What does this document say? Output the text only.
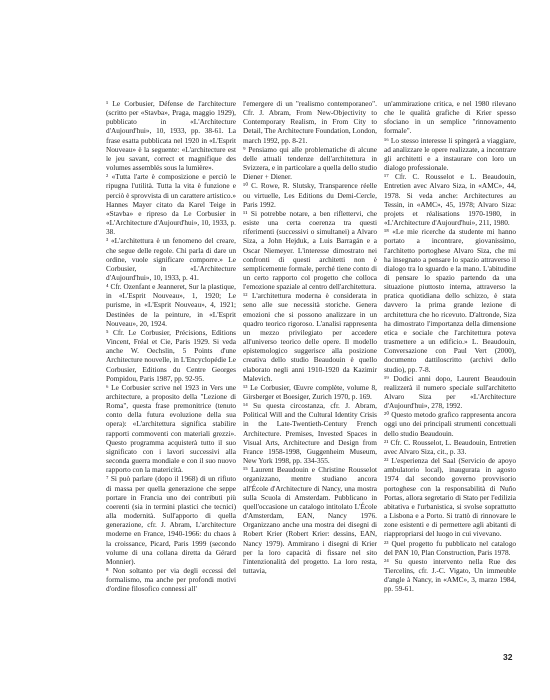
¹ Le Corbusier, Défense de l'architecture (scritto per «Stavba», Praga, maggio 1929), pubblicato in «L'Architecture d'Aujourd'hui», 10, 1933, pp. 38-61. La frase esatta pubblicata nel 1920 in «L'Esprit Nouveau» è la seguente: «L'architecture est le jeu savant, correct et magnifique des volumes assemblés sous la lumière».

² «Tutta l'arte è composizione e perciò le ripugna l'utilità. Tutta la vita è funzione e perciò è sprovvista di un carattere artistico.» Hannes Mayer citato da Karel Teige in «Stavba» e ripreso da Le Corbusier in «L'Architecture d'Aujourd'hui», 10, 1933, p. 38.

³ «L'architettura è un fenomeno del creare, che segue delle regole. Chi parla di dare un ordine, vuole significare comporre.» Le Corbusier, in «L'Architecture d'Aujourd'hui», 10, 1933, p. 41.

⁴ Cfr. Ozenfant e Jeanneret, Sur la plastique, in «L'Esprit Nouveau», 1, 1920; Le purisme, in «L'Esprit Nouveau», 4, 1921; Destinées de la peinture, in «L'Esprit Nouveau», 20, 1924.

⁵ Cfr. Le Corbusier, Précisions, Editions Vincent, Fréal et Cie, Paris 1929. Si veda anche W. Oechslin, 5 Points d'une Architecture nouvelle, in L'Encyclopédie Le Corbusier, Editions du Centre Georges Pompidou, Paris 1987, pp. 92-95.

⁶ Le Corbusier scrive nel 1923 in Vers une architecture, a proposito della "Lezione di Roma", questa frase premonitrice (tenuto conto della futura evoluzione della sua opera): «L'architettura significa stabilire rapporti commoventi con materiali grezzi». Questo programma acquisterà tutto il suo significato con i lavori successivi alla seconda guerra mondiale e con il suo nuovo rapporto con la matericità.

⁷ Si può parlare (dopo il 1968) di un rifiuto di massa per quella generazione che seppe portare in Francia uno dei contributi più coerenti (sia in termini plastici che tecnici) alla modernità. Sull'apporto di quella generazione, cfr. J. Abram, L'architecture moderne en France, 1940-1966: du chaos à la croissance, Picard, Paris 1999 (secondo volume di una collana diretta da Gérard Monnier).

⁸ Non soltanto per via degli eccessi del formalismo, ma anche per profondi motivi d'ordine filosofico connessi all'

l'emergere di un "realismo contemporaneo". Cfr. J. Abram, From New-Objectivity to Contemporary Realism, in From City to Detail, The Architecture Foundation, London, march 1992, pp. 8-21.

⁹ Pensiamo qui alle problematiche di alcune delle attuali tendenze dell'architettura in Svizzera, e in particolare a quella dello studio Diener + Diener.

¹⁰ C. Rowe, R. Slutsky, Transparence réelle ou virtuelle, Les Editions du Demi-Cercle, Paris 1992.

¹¹ Si potrebbe notare, a ben riflettervi, che esiste una certa coerenza tra questi riferimenti (successivi o simultanei) a Alvaro Siza, a John Hejduk, a Luis Barragán e a Oscar Niemeyer. L'interesse dimostrato nei confronti di questi architetti non è semplicemente formale, perché tiene conto di un certo rapporto col progetto che colloca l'emozione spaziale al centro dell'architettura.

¹² L'architettura moderna è considerata in seno alle sue necessità storiche. Genera emozioni che si possono analizzare in un quadro teorico rigoroso. L'analisi rappresenta un mezzo privilegiato per accedere all'universo teorico delle opere. Il modello epistemologico suggerisce alla posizione creativa dello studio Beaudouin è quello elaborato negli anni 1910-1920 da Kazimir Malevich.

¹³ Le Corbusier, Œuvre complète, volume 8, Girsberger et Boesiger, Zurich 1970, p. 169.

¹⁴ Su questa circostanza, cfr. J. Abram, Political Will and the Cultural Identity Crisis in the Late-Twentieth-Century French Architecture. Premises, Invested Spaces in Visual Arts, Architecture and Design from France 1958-1998, Guggenheim Museum, New York 1998, pp. 334-355.

¹⁵ Laurent Beaudouin e Christine Rousselot organizzano, mentre studiano ancora all'École d'Architecture di Nancy, una mostra sulla Scuola di Amsterdam. Pubblicano in quell'occasione un catalogo intitolato L'École d'Amsterdam, EAN, Nancy 1976. Organizzano anche una mostra dei disegni di Robert Krier (Robert Krier: dessins, EAN, Nancy 1979). Ammirano i disegni di Krier per la loro capacità di fissare nel sito l'intenzionalità del progetto. La loro resta, tuttavia,

un'ammirazione critica, e nel 1980 rilevano che le qualità grafiche di Krier spesso sfociano in un semplice "rinnovamento formale".

¹⁶ Lo stesso interesse li spingerà a viaggiare, ad analizzare le opere realizzate, a incontrare gli architetti e a instaurare con loro un dialogo professionale.

¹⁷ Cfr. C. Rousselot e L. Beaudouin, Entretien avec Alvaro Siza, in «AMC», 44, 1978. Si veda anche: Architectures au Tessin, in «AMC», 45, 1978; Alvaro Siza: projets et réalisations 1970-1980, in «L'Architecture d'Aujourd'hui», 211, 1980.

¹⁸ «Le mie ricerche da studente mi hanno portato a incontrare, giovanissimo, l'architetto portoghese Alvaro Siza, che mi ha insegnato a pensare lo spazio attraverso il dialogo tra lo sguardo e la mano. L'abitudine di pensare lo spazio partendo da una situazione piuttosto interna, attraverso la pratica quotidiana dello schizzo, è stata davvero la prima grande lezione di architettura che ho ricevuto. D'altronde, Siza ha dimostrato l'importanza della dimensione etica e sociale che l'architettura poteva trasmettere a un edificio.» L. Beaudouin, Conversazione con Paul Vert (2000), documento dattiloscritto (archivi dello studio), pp. 7-8.

¹⁹ Dodici anni dopo, Laurent Beaudouin realizzerà il numero speciale sull'architetto Alvaro Siza per «L'Architecture d'Aujourd'hui», 278, 1992.

²⁰ Questo metodo grafico rappresenta ancora oggi uno dei principali strumenti concettuali dello studio Beaudouin.

²¹ Cfr. C. Rousselot, L. Beaudouin, Entretien avec Alvaro Siza, cit., p. 33.

²² L'esperienza del Saal (Servicio de apoyo ambulatorio local), inaugurata in agosto 1974 dal secondo governo provvisorio portoghese con la responsabilità di Nuño Portas, allora segretario di Stato per l'edilizia abitativa e l'urbanistica, si svolse soprattutto a Lisbona e a Porto. Si trattò di rinnovare le zone esistenti e di permettere agli abitanti di riappropriarsi del luogo in cui vivevano.

²³ Quel progetto fu pubblicato nel catalogo del PAN 10, Plan Construction, Paris 1978.

²⁴ Su questo intervento nella Rue des Tiercelins, cfr. J.-C. Vigato, Un immeuble d'angle à Nancy, in «AMC», 3, marzo 1984, pp. 59-61.

32
